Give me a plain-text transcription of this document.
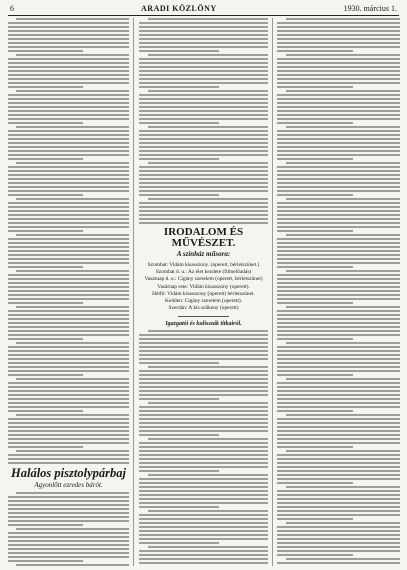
6	ARADI KÖZLÖNY	1930. március 1.
Halálos pisztolypárbaj
Agyonlőtt ezredes bárót.
IRODALOM ÉS MŰVÉSZET.
A színház műsora:
Szombat: Vidám kisasszony. (operett, bérletszünet.)
Szombat d. u.: Az élet kezdete (filmelőadás)
Vasárnap d. u.: Cigány szerelem (operett, bérletszünet)
Vasárnap este: Vidám kisasszony (operett).
Hétfő: Vidám kisasszony (operett) bérletszünet.
Kedden: Cigány szerelem (operett).
Szerdán: A kis szűkeny (operett)
Igazgatói és kulisszák titkairól.
